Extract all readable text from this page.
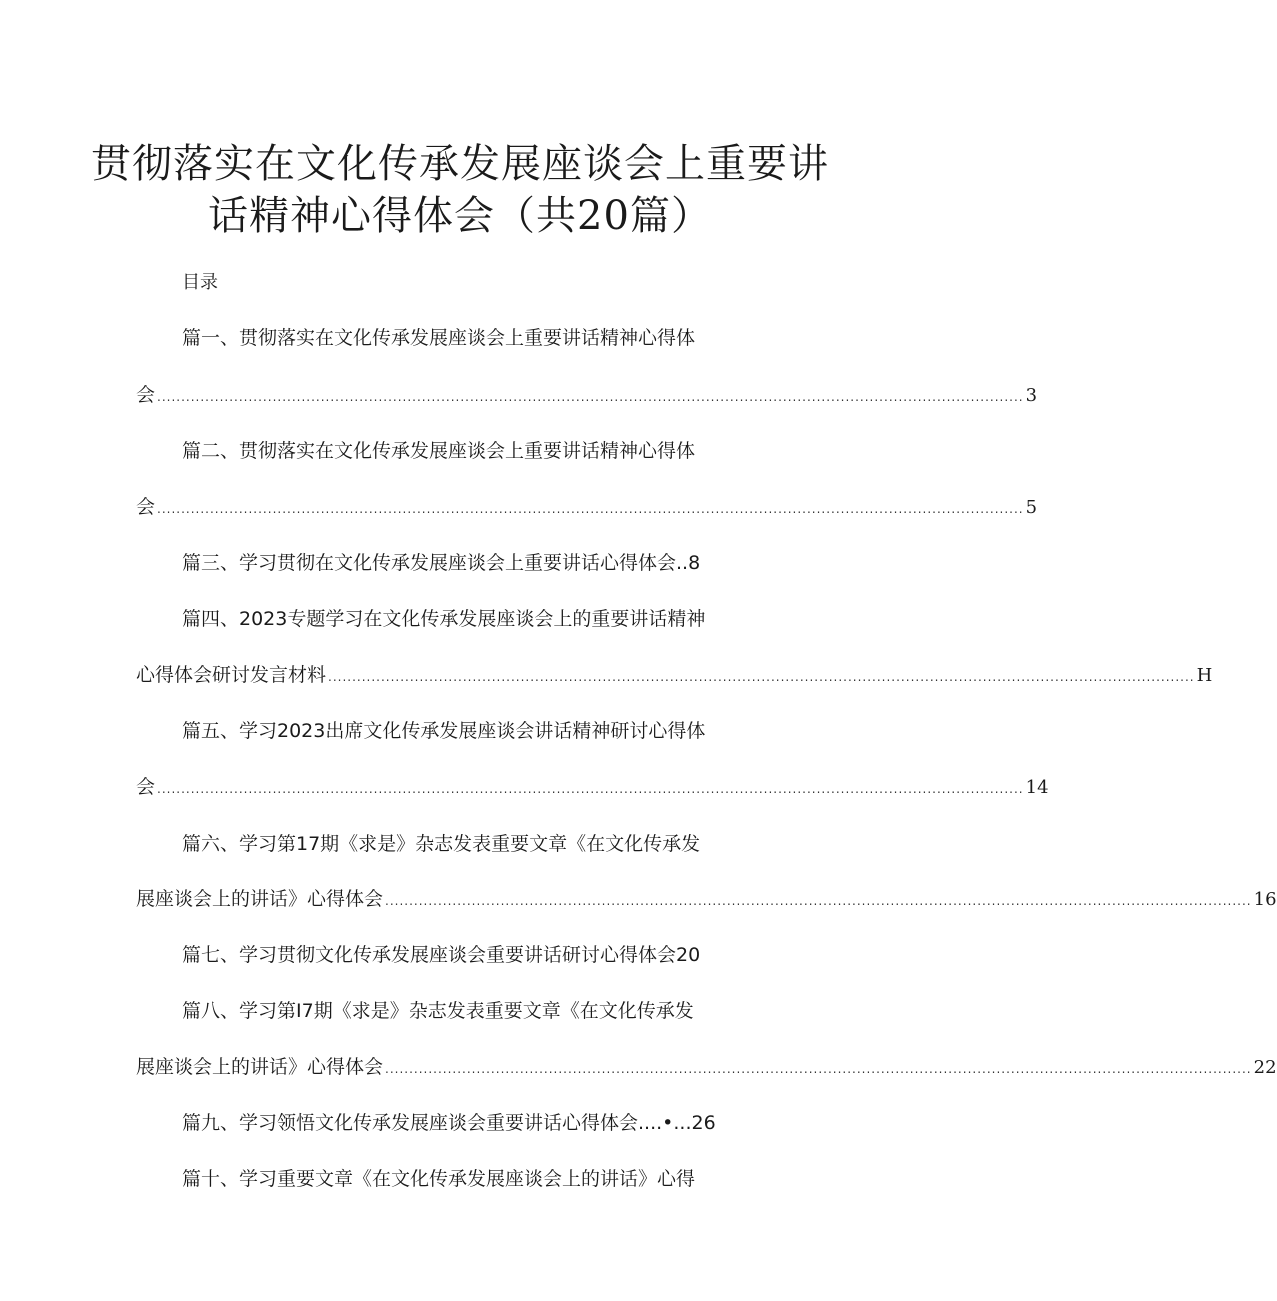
贯彻落实在文化传承发展座谈会上重要讲
话精神心得体会（共20篇）
目录
篇一、贯彻落实在文化传承发展座谈会上重要讲话精神心得体
会 .................................................................................................................................................................................... 3
篇二、贯彻落实在文化传承发展座谈会上重要讲话精神心得体
会 .................................................................................................................................................................................... 5
篇三、学习贯彻在文化传承发展座谈会上重要讲话心得体会..8
篇四、2023专题学习在文化传承发展座谈会上的重要讲话精神
心得体会研讨发言材料 .................................................................................................................................................................................... H
篇五、学习2023出席文化传承发展座谈会讲话精神研讨心得体
会 .................................................................................................................................................................................... 14
篇六、学习第17期《求是》杂志发表重要文章《在文化传承发
展座谈会上的讲话》心得体会 .................................................................................................................................................................................... 16
篇七、学习贯彻文化传承发展座谈会重要讲话研讨心得体会20
篇八、学习第I7期《求是》杂志发表重要文章《在文化传承发
展座谈会上的讲话》心得体会 .................................................................................................................................................................................... 22
篇九、学习领悟文化传承发展座谈会重要讲话心得体会....•...26
篇十、学习重要文章《在文化传承发展座谈会上的讲话》心得
